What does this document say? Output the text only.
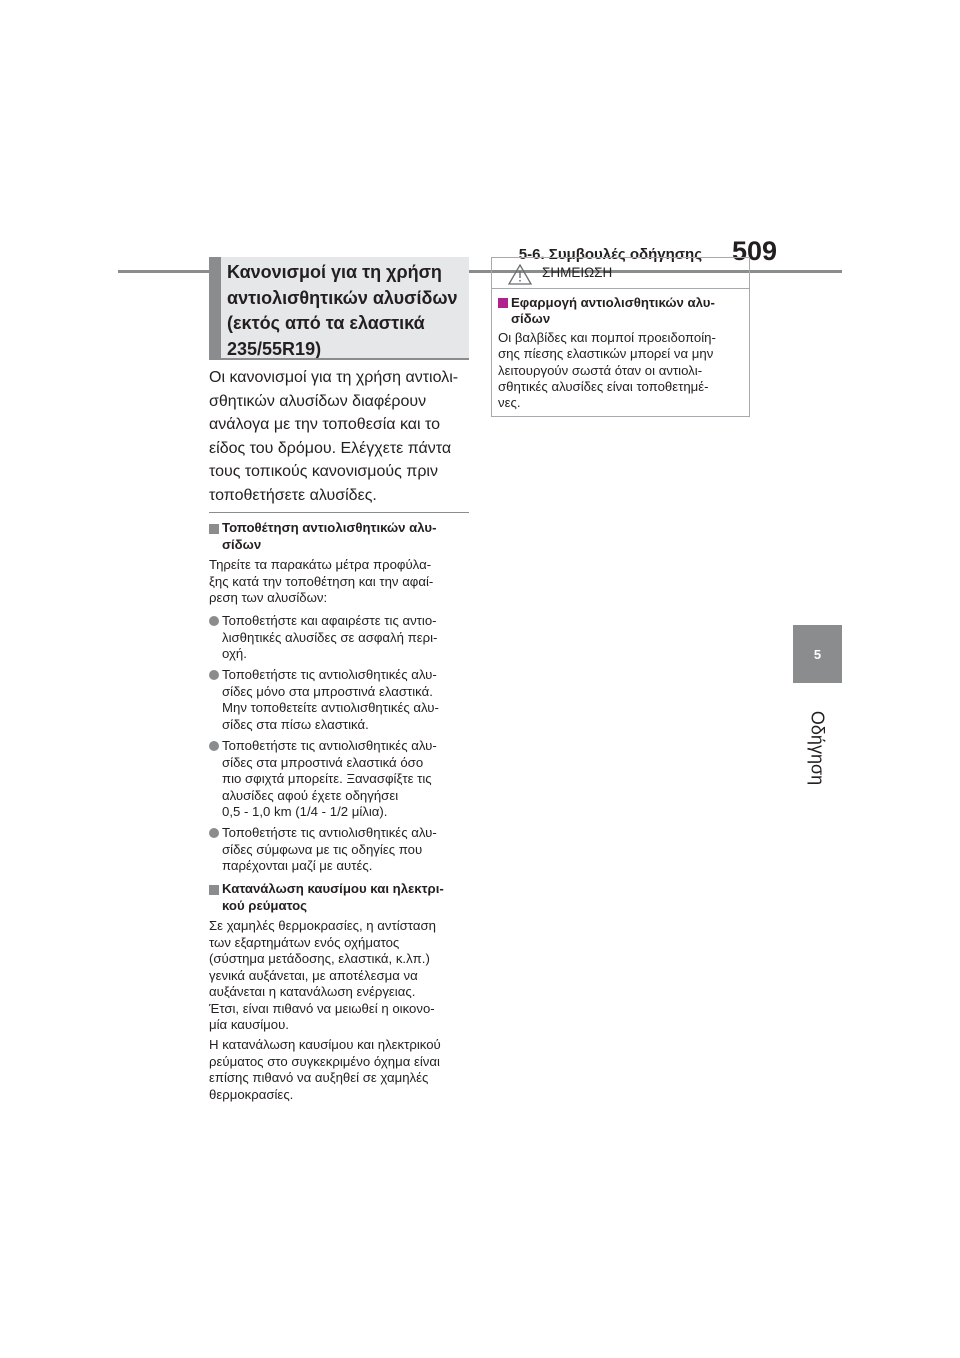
5-6. Συμβουλές οδήγησης 509
5
Οδήγηση
Κανονισμοί για τη χρήση
αντιολισθητικών αλυσίδων
(εκτός από τα ελαστικά
235/55R19)
Οι κανονισμοί για τη χρήση αντιολι-
σθητικών αλυσίδων διαφέρουν
ανάλογα με την τοποθεσία και το
είδος του δρόμου. Ελέγχετε πάντα
τους τοπικούς κανονισμούς πριν
τοποθετήσετε αλυσίδες.
Τοποθέτηση αντιολισθητικών αλυ-
σίδων
Τηρείτε τα παρακάτω μέτρα προφύλα-
ξης κατά την τοποθέτηση και την αφαί-
ρεση των αλυσίδων:
Τοποθετήστε και αφαιρέστε τις αντιο-
λισθητικές αλυσίδες σε ασφαλή περι-
οχή.
Τοποθετήστε τις αντιολισθητικές αλυ-
σίδες μόνο στα μπροστινά ελαστικά.
Μην τοποθετείτε αντιολισθητικές αλυ-
σίδες στα πίσω ελαστικά.
Τοποθετήστε τις αντιολισθητικές αλυ-
σίδες στα μπροστινά ελαστικά όσο
πιο σφιχτά μπορείτε. Ξανασφίξτε τις
αλυσίδες αφού έχετε οδηγήσει
0,5 - 1,0 km (1/4 - 1/2 μίλια).
Τοποθετήστε τις αντιολισθητικές αλυ-
σίδες σύμφωνα με τις οδηγίες που
παρέχονται μαζί με αυτές.
Κατανάλωση καυσίμου και ηλεκτρι-
κού ρεύματος
Σε χαμηλές θερμοκρασίες, η αντίσταση
των εξαρτημάτων ενός οχήματος
(σύστημα μετάδοσης, ελαστικά, κ.λπ.)
γενικά αυξάνεται, με αποτέλεσμα να
αυξάνεται η κατανάλωση ενέργειας.
Έτσι, είναι πιθανό να μειωθεί η οικονο-
μία καυσίμου.
Η κατανάλωση καυσίμου και ηλεκτρικού
ρεύματος στο συγκεκριμένο όχημα είναι
επίσης πιθανό να αυξηθεί σε χαμηλές
θερμοκρασίες.
ΣΗΜΕΙΩΣΗ
Εφαρμογή αντιολισθητικών αλυ-
σίδων
Οι βαλβίδες και πομποί προειδοποίη-
σης πίεσης ελαστικών μπορεί να μην
λειτουργούν σωστά όταν οι αντιολι-
σθητικές αλυσίδες είναι τοποθετημέ-
νες.
